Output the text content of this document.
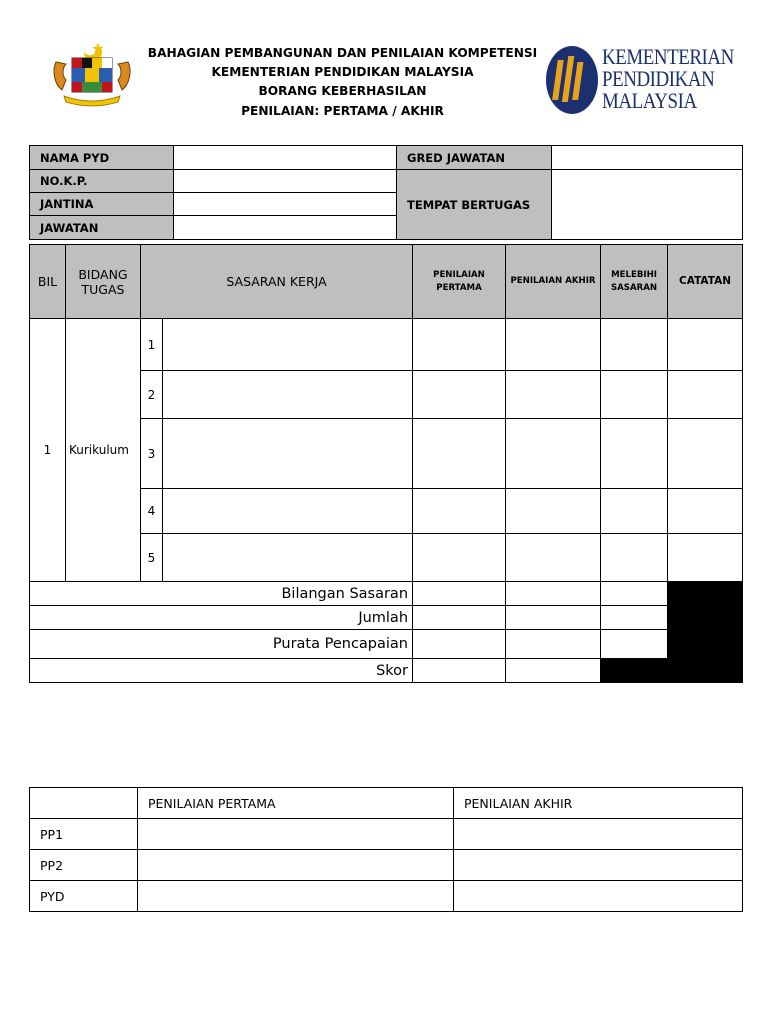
BAHAGIAN PEMBANGUNAN DAN PENILAIAN KOMPETENSI
KEMENTERIAN PENDIDIKAN MALAYSIA
BORANG KEBERHASILAN
PENILAIAN: PERTAMA / AKHIR
KEMENTERIAN
PENDIDIKAN
MALAYSIA
NAMA PYD		GRED JAWATAN	
NO.K.P.		TEMPAT BERTUGAS	
JANTINA			
JAWATAN			
BIL	BIDANG TUGAS	SASARAN KERJA		PENILAIAN PERTAMA	PENILAIAN AKHIR	MELEBIHI SASARAN	CATATAN
1	Kurikulum	1					
		2					
		3					
		4					
		5					
Bilangan Sasaran							
Jumlah							
Purata Pencapaian							
Skor							
	PENILAIAN PERTAMA	PENILAIAN AKHIR
PP1		
PP2		
PYD		
